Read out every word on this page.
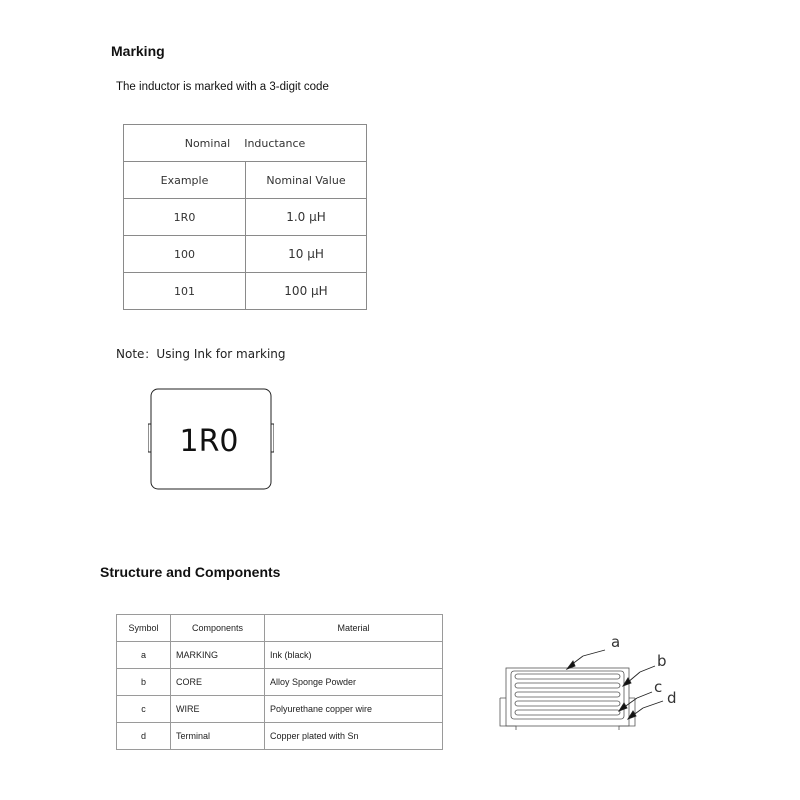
Marking
The inductor is marked with a 3-digit code
Nominal Inductance	
Example	Nominal Value
1R0	1.0 μH
100	10 μH
101	100 μH
Note：Using Ink for marking
1R0
Structure and Components
Symbol	Components	Material
a	MARKING	Ink (black)
b	CORE	Alloy Sponge Powder
c	WIRE	Polyurethane copper wire
d	Terminal	Copper plated with Sn
a
b
c
d
